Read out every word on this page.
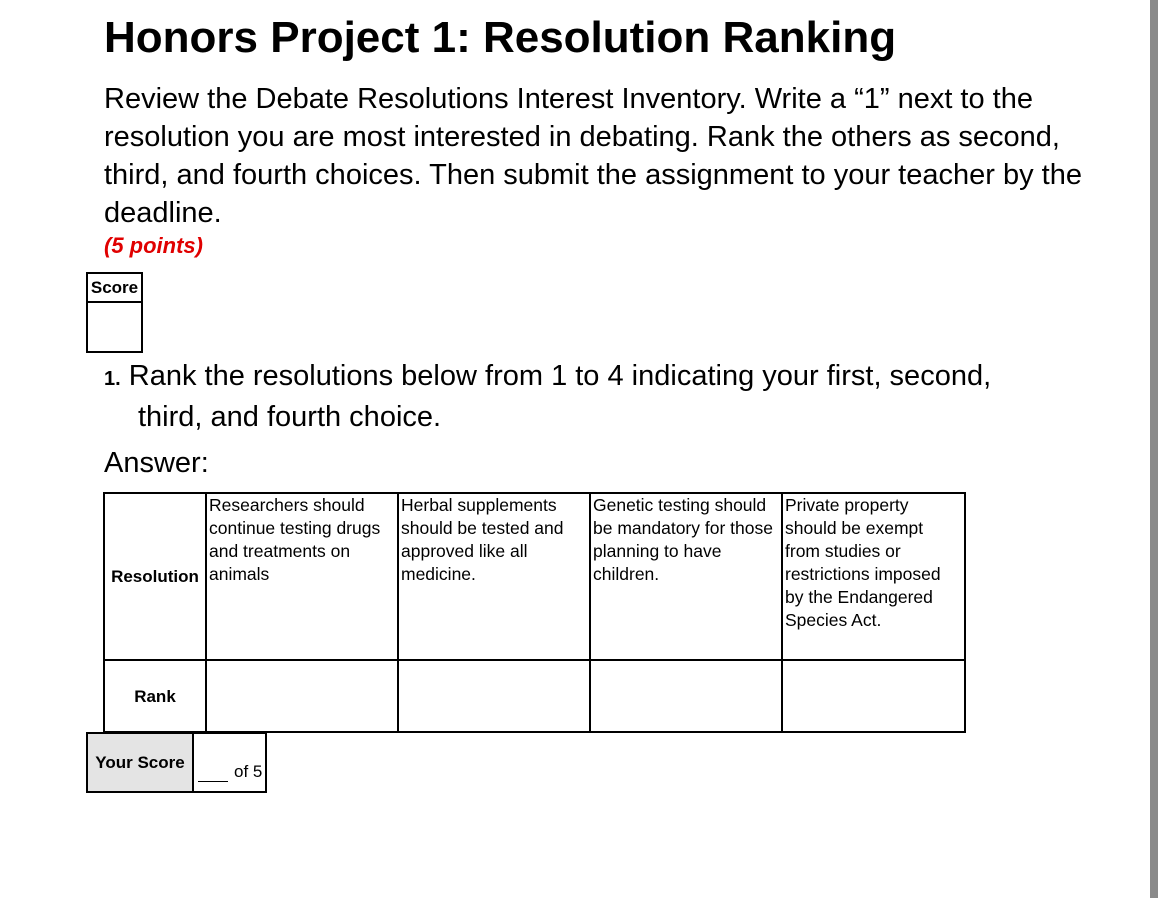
Honors Project 1: Resolution Ranking

Review the Debate Resolutions Interest Inventory. Write a “1” next to the resolution you are most interested in debating. Rank the others as second, third, and fourth choices. Then submit the assignment to your teacher by the deadline.

(5 points)

Score

1. Rank the resolutions below from 1 to 4 indicating your first, second, third, and fourth choice.

Answer:

Resolution	Researchers should continue testing drugs and treatments on animals	Herbal supplements should be tested and approved like all medicine.	Genetic testing should be mandatory for those planning to have children.	Private property should be exempt from studies or restrictions imposed by the Endangered Species Act.
Rank				
Your Score	of 5
